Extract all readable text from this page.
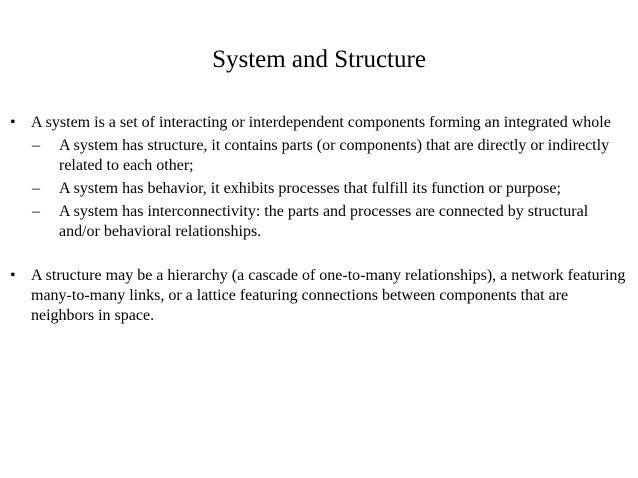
System and Structure
• A system is a set of interacting or interdependent components forming an integrated whole
– A system has structure, it contains parts (or components) that are directly or indirectly related to each other;
– A system has behavior, it exhibits processes that fulfill its function or purpose;
– A system has interconnectivity: the parts and processes are connected by structural and/or behavioral relationships.
• A structure may be a hierarchy (a cascade of one-to-many relationships), a network featuring many-to-many links, or a lattice featuring connections between components that are neighbors in space.
